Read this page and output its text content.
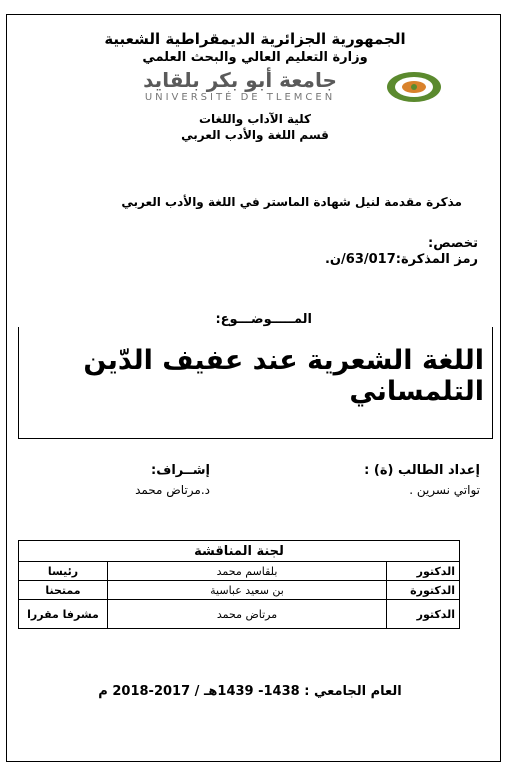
الجمهورية الجزائرية الديمقراطية الشعبية
وزارة التعليم العالي والبحث العلمي
جامعة أبو بكر بلقايد
UNIVERSITÉ DE TLEMCEN
كلية الآداب واللغات
قسم اللغة والأدب العربي
مذكرة مقدمة لنيل شهادة الماستر في اللغة والأدب العربي
تخصص:
رمز المذكرة:63/017/ن.
المـــــوضـــوع:
اللغة الشعرية عند عفيف الدّين التلمساني
إعداد الطالب (ة) :
تواتي نسرين .
إشــراف:
د.مرتاض محمد
لجنة المناقشة		
الدكتور	بلقاسم محمد	رئيسا
الدكتورة	بن سعيد عباسية	ممتحنا
الدكتور	مرتاض محمد	مشرفا مقررا
العام الجامعي : 1438- 1439هـ / 2017-2018 م
